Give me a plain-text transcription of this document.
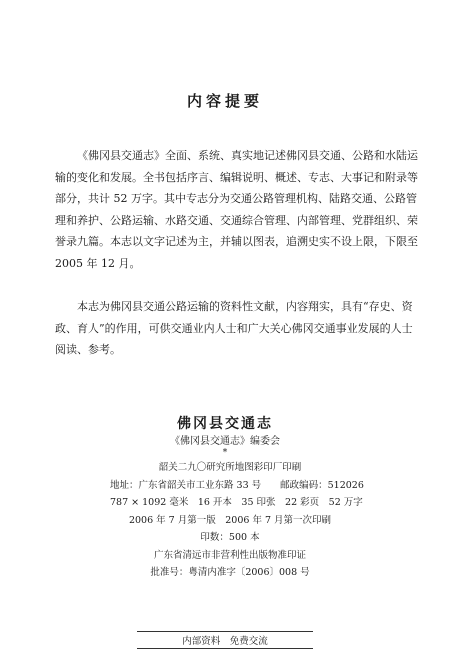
内容提要

《佛冈县交通志》全面、系统、真实地记述佛冈县交通、公路和水陆运
输的变化和发展。全书包括序言、编辑说明、概述、专志、大事记和附录等
部分，共计 52 万字。其中专志分为交通公路管理机构、陆路交通、公路管
理和养护、公路运输、水路交通、交通综合管理、内部管理、党群组织、荣
誉录九篇。本志以文字记述为主，并辅以图表，追溯史实不设上限，下限至
2005 年 12 月。

本志为佛冈县交通公路运输的资料性文献，内容翔实，具有“存史、资
政、育人”的作用，可供交通业内人士和广大关心佛冈交通事业发展的人士
阅读、参考。

佛冈县交通志
《佛冈县交通志》编委会
*
韶关二九〇研究所地图彩印厂印刷
地址：广东省韶关市工业东路 33 号　　邮政编码：512026
787 × 1092 毫米　16 开本　35 印张　22 彩页　52 万字
2006 年 7 月第一版　2006 年 7 月第一次印刷
印数：500 本
广东省清远市非营利性出版物准印证
批准号：粤清内准字〔2006〕008 号
内部资料　免费交流
